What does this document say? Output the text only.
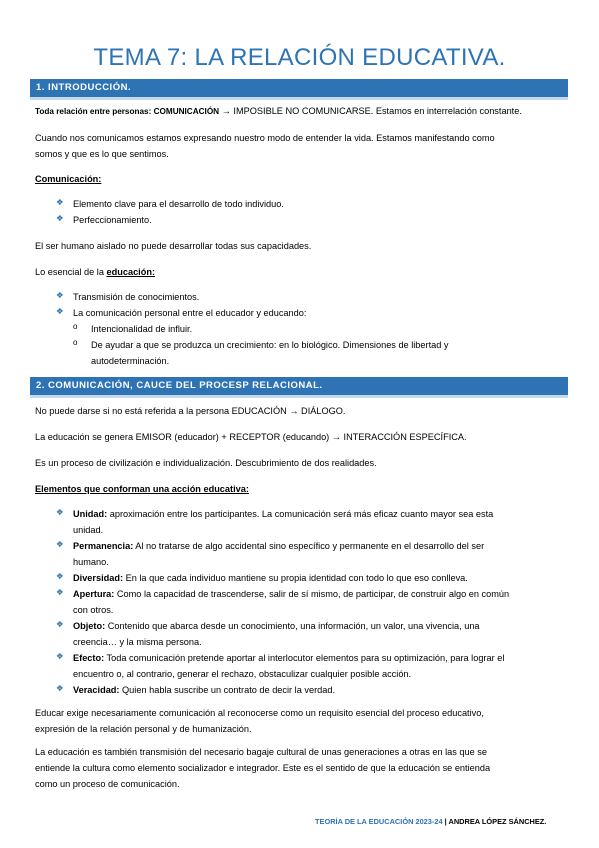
TEMA 7: LA RELACIÓN EDUCATIVA.
1. INTRODUCCIÓN.
Toda relación entre personas: COMUNICACIÓN → IMPOSIBLE NO COMUNICARSE. Estamos en interrelación constante.
Cuando nos comunicamos estamos expresando nuestro modo de entender la vida. Estamos manifestando como
somos y que es lo que sentimos.
Comunicación:
❖ Elemento clave para el desarrollo de todo individuo.
❖ Perfeccionamiento.
El ser humano aislado no puede desarrollar todas sus capacidades.
Lo esencial de la educación:
❖ Transmisión de conocimientos.
❖ La comunicación personal entre el educador y educando:
o Intencionalidad de influir.
o De ayudar a que se produzca un crecimiento: en lo biológico. Dimensiones de libertad y
autodeterminación.
2. COMUNICACIÓN, CAUCE DEL PROCESP RELACIONAL.
No puede darse si no está referida a la persona EDUCACIÓN → DIÁLOGO.
La educación se genera EMISOR (educador) + RECEPTOR (educando) → INTERACCIÓN ESPECÍFICA.
Es un proceso de civilización e individualización. Descubrimiento de dos realidades.
Elementos que conforman una acción educativa:
❖ Unidad: aproximación entre los participantes. La comunicación será más eficaz cuanto mayor sea esta
unidad.
❖ Permanencia: Al no tratarse de algo accidental sino específico y permanente en el desarrollo del ser
humano.
❖ Diversidad: En la que cada individuo mantiene su propia identidad con todo lo que eso conlleva.
❖ Apertura: Como la capacidad de trascenderse, salir de sí mismo, de participar, de construir algo en común
con otros.
❖ Objeto: Contenido que abarca desde un conocimiento, una información, un valor, una vivencia, una
creencia… y la misma persona.
❖ Efecto: Toda comunicación pretende aportar al interlocutor elementos para su optimización, para lograr el
encuentro o, al contrario, generar el rechazo, obstaculizar cualquier posible acción.
❖ Veracidad: Quien habla suscribe un contrato de decir la verdad.
Educar exige necesariamente comunicación al reconocerse como un requisito esencial del proceso educativo,
expresión de la relación personal y de humanización.
La educación es también transmisión del necesario bagaje cultural de unas generaciones a otras en las que se
entiende la cultura como elemento socializador e integrador. Este es el sentido de que la educación se entienda
como un proceso de comunicación.
TEORÍA DE LA EDUCACIÓN 2023-24 | ANDREA LÓPEZ SÁNCHEZ.
